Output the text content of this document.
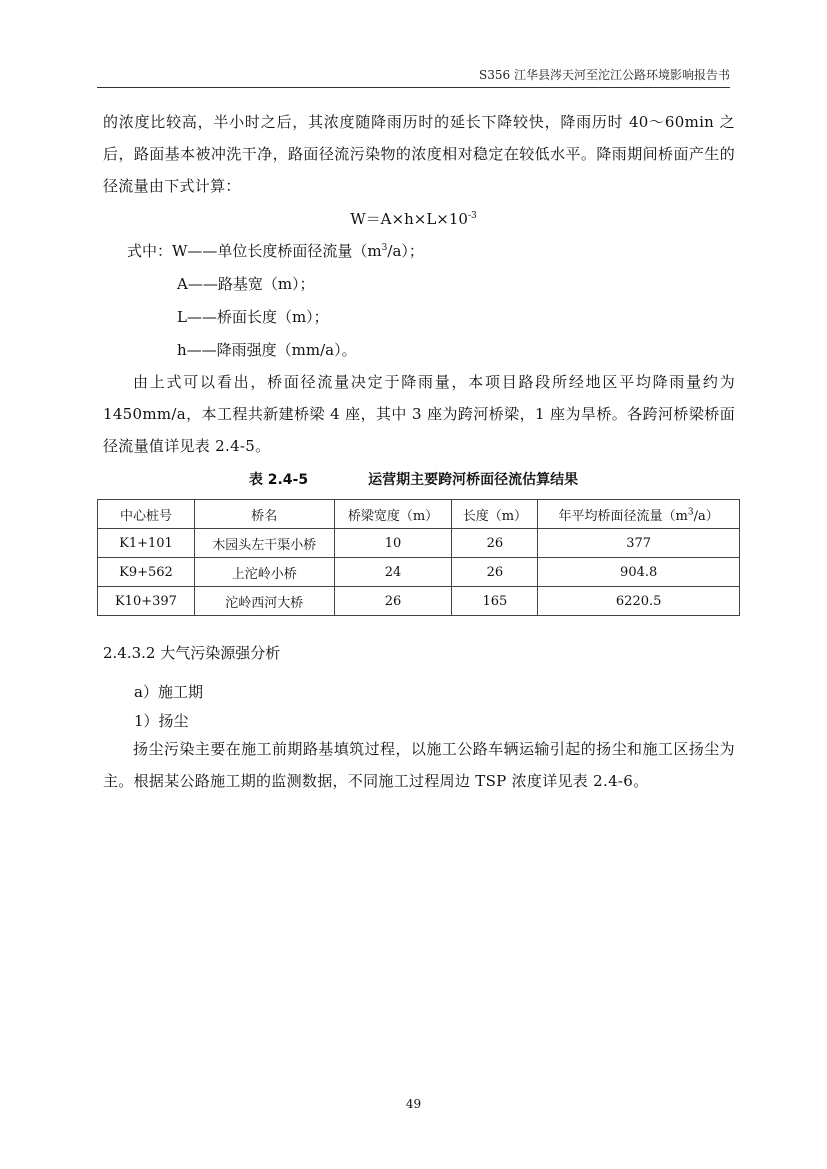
S356 江华县涔天河至沱江公路环境影响报告书
的浓度比较高，半小时之后，其浓度随降雨历时的延长下降较快，降雨历时 40～60min 之后，路面基本被冲洗干净，路面径流污染物的浓度相对稳定在较低水平。降雨期间桥面产生的径流量由下式计算：
$W=A\times h\times L\times 10^{-3}$
式中：W——单位长度桥面径流量$(m^3/a)$；
A——路基宽（m）；
L——桥面长度（m）；
h——降雨强度（mm/a）。
由上式可以看出，桥面径流量决定于降雨量，本项目路段所经地区平均降雨量约为 1450mm/a，本工程共新建桥梁 4 座，其中 3 座为跨河桥梁，1 座为旱桥。各跨河桥梁桥面径流量值详见表 2.4-5。
表 2.4-5	运营期主要跨河桥面径流估算结果
中心桩号	桥名	桥梁宽度（m）	长度（m）	年平均桥面径流量$(m^3/a)$
K1+101	木园头左干渠小桥	10	26	377
K9+562	上沱岭小桥	24	26	904.8
K10+397	沱岭西河大桥	26	165	6220.5
2.4.3.2 大气污染源强分析
a）施工期
1）扬尘
扬尘污染主要在施工前期路基填筑过程，以施工公路车辆运输引起的扬尘和施工区扬尘为主。根据某公路施工期的监测数据，不同施工过程周边 TSP 浓度详见表 2.4-6。
49
